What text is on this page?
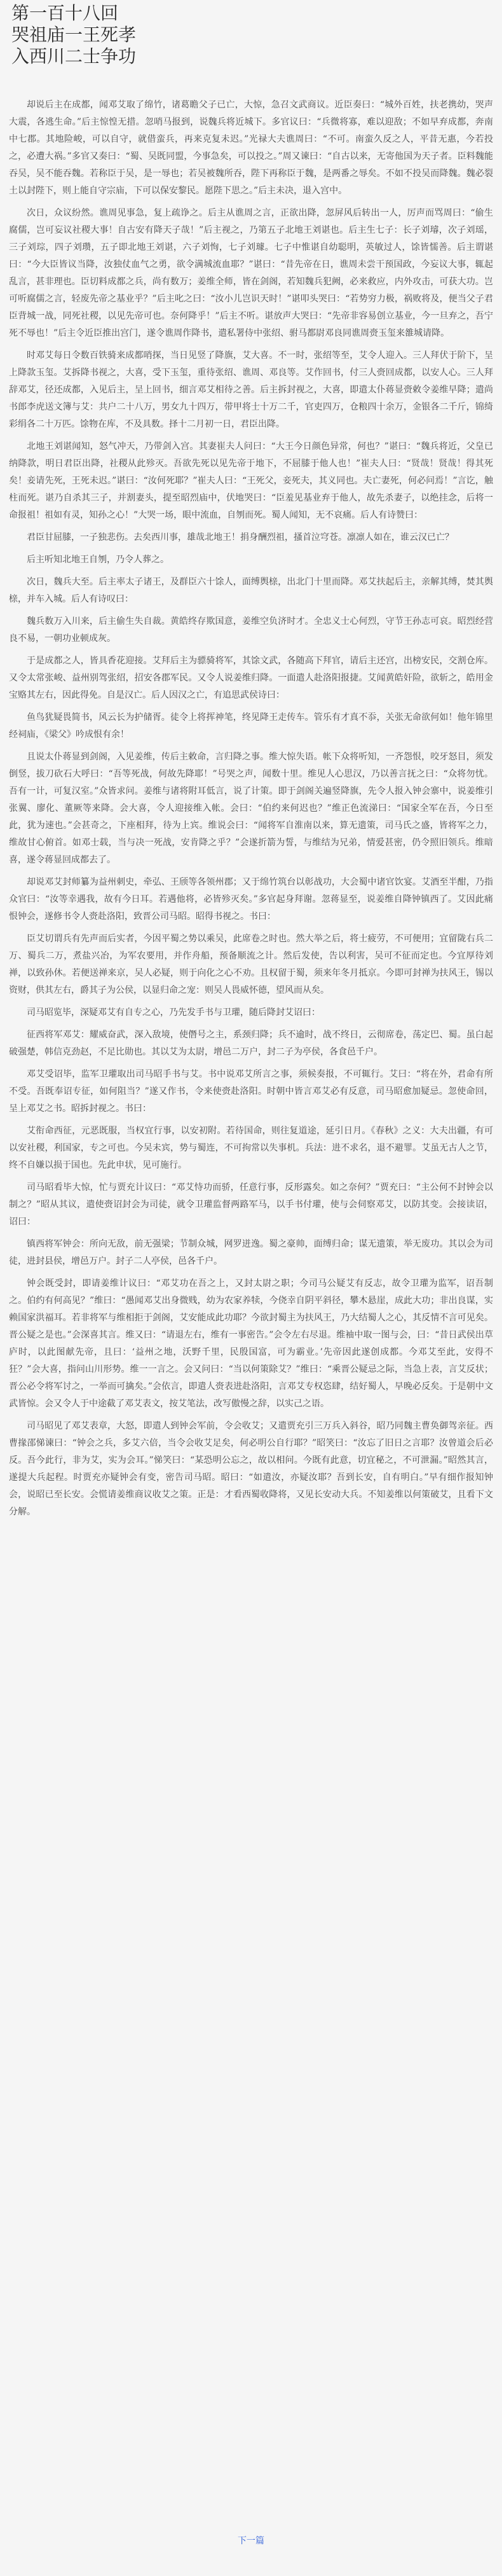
第一百十八回
哭祖庙一王死孝
入西川二士争功

却说后主在成都，闻邓艾取了绵竹，诸葛瞻父子已亡，大惊，急召文武商议。近臣奏曰：“城外百姓，扶老携幼，哭声大震，各逃生命。”后主惊惶无措。忽哨马报到，说魏兵将近城下。多官议曰：“兵微将寡，难以迎敌；不如早弃成都，奔南中七郡。其地险峻，可以自守，就借蛮兵，再来克复未迟。”光禄大夫谯周曰：“不可。南蛮久反之人，平昔无惠，今若投之，必遭大祸。”多官又奏曰：“蜀、吴既同盟，今事急矣，可以投之。”周又谏曰：“自古以来，无寄他国为天子者。臣料魏能吞吴，吴不能吞魏。若称臣于吴，是一辱也；若吴被魏所吞，陛下再称臣于魏，是两番之辱矣。不如不投吴而降魏。魏必裂土以封陛下，则上能自守宗庙，下可以保安黎民。愿陛下思之。”后主未决，退入宫中。

次日，众议纷然。谯周见事急，复上疏诤之。后主从谯周之言，正欲出降，忽屏风后转出一人，厉声而骂周曰：“偷生腐儒，岂可妄议社稷大事！自古安有降天子哉！”后主视之，乃第五子北地王刘谌也。后主生七子：长子刘璿，次子刘瑶，三子刘琮，四子刘瓒，五子即北地王刘谌，六子刘恂，七子刘璩。七子中惟谌自幼聪明，英敏过人，馀皆懦善。后主谓谌曰：“今大臣皆议当降，汝独仗血气之勇，欲令满城流血耶？”谌曰：“昔先帝在日，谯周未尝干预国政，今妄议大事，辄起乱言，甚非理也。臣切料成都之兵，尚有数万；姜维全师，皆在剑阁，若知魏兵犯阙，必来救应，内外攻击，可获大功。岂可听腐儒之言，轻废先帝之基业乎？”后主叱之曰：“汝小儿岂识天时！”谌叩头哭曰：“若势穷力极，祸败将及，便当父子君臣背城一战，同死社稷，以见先帝可也。奈何降乎！”后主不听。谌放声大哭曰：“先帝非容易创立基业，今一旦弃之，吾宁死不辱也！”后主令近臣推出宫门，遂令谯周作降书，遣私署侍中张绍、驸马都尉邓良同谯周赍玉玺来雒城请降。

时邓艾每日令数百铁骑来成都哨探，当日见竖了降旗，艾大喜。不一时，张绍等至，艾令人迎入。三人拜伏于阶下，呈上降款玉玺。艾拆降书视之，大喜，受下玉玺，重待张绍、谯周、邓良等。艾作回书，付三人赍回成都，以安人心。三人拜辞邓艾，径还成都，入见后主，呈上回书，细言邓艾相待之善。后主拆封视之，大喜，即遣太仆蒋显赍敕令姜维早降；遣尚书郎李虎送文簿与艾：共户二十八万，男女九十四万，带甲将士十万二千，官吏四万，仓粮四十余万，金银各二千斤，锦绮彩绢各二十万匹。馀物在库，不及具数。择十二月初一日，君臣出降。

北地王刘谌闻知，怒气冲天，乃带剑入宫。其妻崔夫人问曰：“大王今日颜色异常，何也？”谌曰：“魏兵将近，父皇已纳降款，明日君臣出降，社稷从此殄灭。吾欲先死以见先帝于地下，不屈膝于他人也！”崔夫人曰：“贤哉！贤哉！得其死矣！妾请先死，王死未迟。”谌曰：“汝何死耶？”崔夫人曰：“王死父，妾死夫，其义同也。夫亡妻死，何必问焉！”言讫，触柱而死。谌乃自杀其三子，并割妻头，提至昭烈庙中，伏地哭曰：“臣羞见基业弃于他人，故先杀妻子，以绝挂念，后将一命报祖！祖如有灵，知孙之心！”大哭一场，眼中流血，自刎而死。蜀人闻知，无不哀痛。后人有诗赞曰：

君臣甘屈膝，一子独悲伤。去矣西川事，雄哉北地王！捐身酬烈祖，搔首泣穹苍。凛凛人如在，谁云汉已亡？

后主听知北地王自刎，乃令人葬之。

次日，魏兵大至。后主率太子诸王，及群臣六十馀人，面缚舆榇，出北门十里而降。邓艾扶起后主，亲解其缚，焚其舆榇，并车入城。后人有诗叹曰：

魏兵数万入川来，后主偷生失自裁。黄皓终存欺国意，姜维空负济时才。全忠义士心何烈，守节王孙志可哀。昭烈经营良不易，一朝功业顿成灰。

于是成都之人，皆具香花迎接。艾拜后主为骠骑将军，其馀文武，各随高下拜官，请后主还宫，出榜安民，交割仓库。又令太常张峻、益州别驾张绍，招安各郡军民。又令人说姜维归降。一面遣人赴洛阳报捷。艾闻黄皓奸险，欲斩之，皓用金宝赂其左右，因此得免。自是汉亡。后人因汉之亡，有追思武侯诗曰：

鱼鸟犹疑畏简书，风云长为护储胥。徒令上将挥神笔，终见降王走传车。管乐有才真不忝，关张无命欲何如！他年锦里经祠庙，《梁父》吟成恨有余！

且说太仆蒋显到剑阁，入见姜维，传后主敕命，言归降之事。维大惊失语。帐下众将听知，一齐怨恨，咬牙怒目，须发倒竖，拔刀砍石大呼曰：“吾等死战，何故先降耶！”号哭之声，闻数十里。维见人心思汉，乃以善言抚之曰：“众将勿忧。吾有一计，可复汉室。”众皆求问。姜维与诸将附耳低言，说了计策。即于剑阁关遍竖降旗，先令人报入钟会寨中，说姜维引张翼、廖化、董厥等来降。会大喜，令人迎接维入帐。会曰：“伯约来何迟也？”维正色流涕曰：“国家全军在吾，今日至此，犹为速也。”会甚奇之，下座相拜，待为上宾。维说会曰：“闻将军自淮南以来，算无遗策，司马氏之盛，皆将军之力，维故甘心俯首。如邓士载，当与决一死战，安肯降之乎？”会遂折箭为誓，与维结为兄弟，情爱甚密，仍令照旧领兵。维暗喜，遂令蒋显回成都去了。

却说邓艾封师纂为益州刺史，牵弘、王颀等各领州郡；又于绵竹筑台以彰战功，大会蜀中诸官饮宴。艾酒至半酣，乃指众官曰：“汝等幸遇我，故有今日耳。若遇他将，必皆殄灭矣。”多官起身拜谢。忽蒋显至，说姜维自降钟镇西了。艾因此痛恨钟会，遂修书令人赍赴洛阳，致晋公司马昭。昭得书视之。书曰：

臣艾切谓兵有先声而后实者，今因平蜀之势以乘吴，此席卷之时也。然大举之后，将士疲劳，不可便用；宜留陇右兵二万、蜀兵二万，煮盐兴冶，为军农要用，并作舟船，预备顺流之计。然后发使，告以利害，吴可不征而定也。今宜厚待刘禅，以致孙休。若便送禅来京，吴人必疑，则于向化之心不劝。且权留于蜀，须来年冬月抵京。今即可封禅为扶风王，锡以资财，供其左右，爵其子为公侯，以显归命之宠：则吴人畏威怀德，望风而从矣。

司马昭览毕，深疑邓艾有自专之心，乃先发手书与卫瓘，随后降封艾诏曰：

征西将军邓艾：耀威奋武，深入敌境，使僭号之主，系颈归降；兵不逾时，战不终日，云彻席卷，荡定巴、蜀。虽白起破强楚，韩信克劲赵，不足比勋也。其以艾为太尉，增邑二万户，封二子为亭侯，各食邑千户。

邓艾受诏毕，监军卫瓘取出司马昭手书与艾。书中说邓艾所言之事，须候奏报，不可辄行。艾曰：“将在外，君命有所不受。吾既奉诏专征，如何阻当？”遂又作书，令来使赍赴洛阳。时朝中皆言邓艾必有反意，司马昭愈加疑忌。忽使命回，呈上邓艾之书。昭拆封视之。书曰：

艾衔命西征，元恶既服，当权宜行事，以安初附。若待国命，则往复道途，延引日月。《春秋》之义：大夫出疆，有可以安社稷，利国家，专之可也。今吴未宾，势与蜀连，不可拘常以失事机。兵法：进不求名，退不避罪。艾虽无古人之节，终不自嫌以损于国也。先此申状，见可施行。

司马昭看毕大惊，忙与贾充计议曰：“邓艾恃功而骄，任意行事，反形露矣。如之奈何？”贾充曰：“主公何不封钟会以制之？”昭从其议，遣使赍诏封会为司徒，就令卫瓘监督两路军马，以手书付瓘，使与会伺察邓艾，以防其变。会接读诏，诏曰：

镇西将军钟会：所向无敌，前无强梁；节制众城，网罗迸逸。蜀之豪帅，面缚归命；谋无遗策，举无废功。其以会为司徒，进封县侯，增邑万户。封子二人亭侯，邑各千户。

钟会既受封，即请姜维计议曰：“邓艾功在吾之上，又封太尉之职；今司马公疑艾有反志，故令卫瓘为监军，诏吾制之。伯约有何高见？”维曰：“愚闻邓艾出身微贱，幼为农家养犊，今侥幸自阴平斜径，攀木悬崖，成此大功；非出良谋，实赖国家洪福耳。若非将军与维相拒于剑阁，艾安能成此功耶？今欲封蜀主为扶风王，乃大结蜀人之心，其反情不言可见矣。晋公疑之是也。”会深喜其言。维又曰：“请退左右，维有一事密告。”会令左右尽退。维袖中取一图与会，曰：“昔日武侯出草庐时，以此图献先帝，且曰：‘益州之地，沃野千里，民殷国富，可为霸业。’先帝因此遂创成都。今邓艾至此，安得不狂？”会大喜，指问山川形势。维一一言之。会又问曰：“当以何策除艾？”维曰：“乘晋公疑忌之际，当急上表，言艾反状；晋公必令将军讨之，一举而可擒矣。”会依言，即遣人赍表进赴洛阳，言邓艾专权恣肆，结好蜀人，早晚必反矣。于是朝中文武皆惊。会又令人于中途截了邓艾表文，按艾笔法，改写傲慢之辞，以实己之语。

司马昭见了邓艾表章，大怒，即遣人到钟会军前，令会收艾；又遣贾充引三万兵入斜谷，昭乃同魏主曹奂御驾亲征。西曹掾邵悌谏曰：“钟会之兵，多艾六倍，当令会收艾足矣，何必明公自行耶？”昭笑曰：“汝忘了旧日之言耶？汝曾道会后必反。吾今此行，非为艾，实为会耳。”悌笑曰：“某恐明公忘之，故以相问。今既有此意，切宜秘之，不可泄漏。”昭然其言，遂提大兵起程。时贾充亦疑钟会有变，密告司马昭。昭曰：“如遣汝，亦疑汝耶？吾到长安，自有明白。”早有细作报知钟会，说昭已至长安。会慌请姜维商议收艾之策。正是：才看西蜀收降将，又见长安动大兵。不知姜维以何策破艾，且看下文分解。

下一篇
